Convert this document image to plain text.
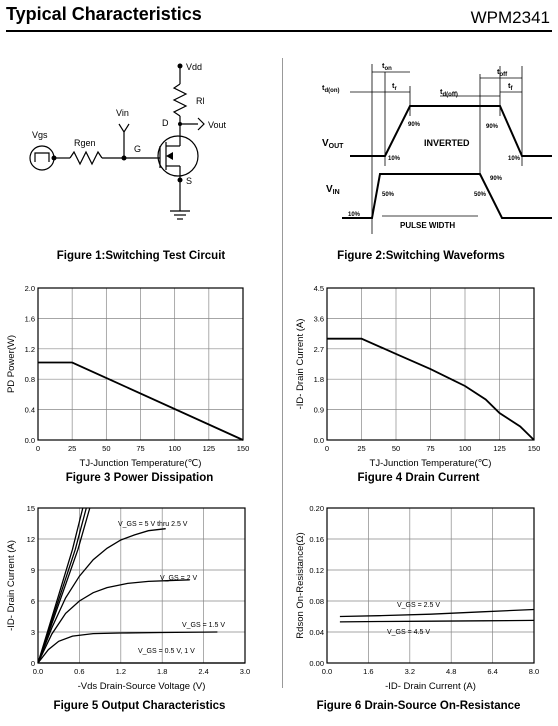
Typical Characteristics	WPM2341
Vdd
Rl
Vout
Vin
Vgs
Rgen
G
D
S
Figure 1:Switching Test Circuit
$t_{on}$
$t_r$
$t_{d(on)}$	$t_{d(off)}$
$t_{off}$
$t_f$
$V_{OUT}$
$V_{IN}$
INVERTED
PULSE WIDTH
90%	90%
90%
10%	10%
10%
50%	50%
Figure 2:Switching Waveforms
0	25	50	75	100	125	150
0.0
0.4
0.8
1.2
1.6
2.0
TJ-Junction Temperature(℃)
PD Power(W)
0	25	50	75	100	125	150
0.0
0.9
1.8
2.7
3.6
4.5
TJ-Junction Temperature(℃)
-ID- Drain Current (A)
0.0	0.6	1.2	1.8	2.4	3.0
0
3
6
9
12
15
V_GS = 5 V thru 2.5 V
V_GS = 2 V
V_GS = 1.5 V
V_GS = 0.5 V, 1 V
-Vds Drain-Source Voltage (V)
-ID- Drain Current (A)
0.0	1.6	3.2	4.8	6.4	8.0
0.00
0.04
0.08
0.12
0.16
0.20
V_GS = 2.5 V
V_GS = 4.5 V
-ID- Drain Current (A)
Rdson On-Resistance(Ω)
Figure 3 Power Dissipation	Figure 4 Drain Current
Figure 5 Output Characteristics	Figure 6 Drain-Source On-Resistance
